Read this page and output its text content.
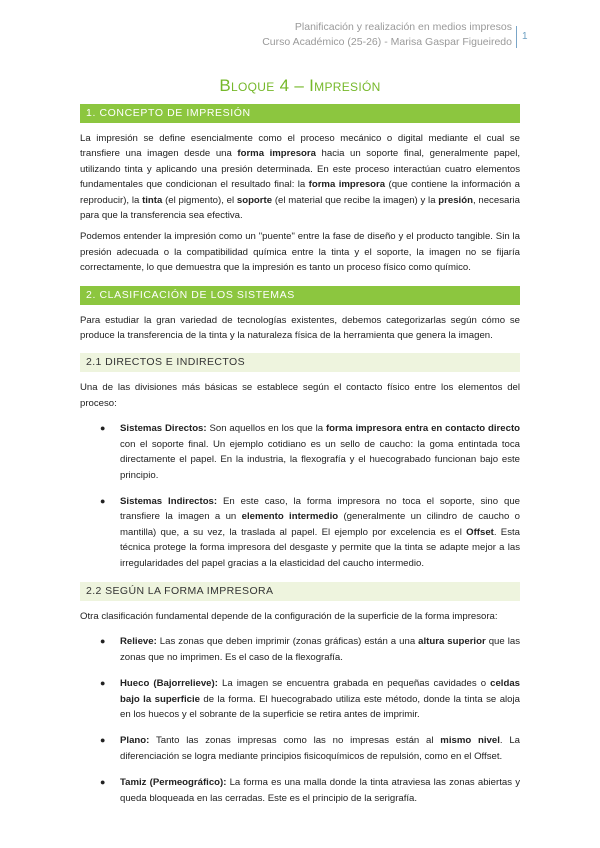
Planificación y realización en medios impresos
Curso Académico (25-26) - Marisa Gaspar Figueiredo	1
Bloque 4 – Impresión
1. CONCEPTO DE IMPRESIÓN

La impresión se define esencialmente como el proceso mecánico o digital mediante el cual se transfiere una imagen desde una forma impresora hacia un soporte final, generalmente papel, utilizando tinta y aplicando una presión determinada. En este proceso interactúan cuatro elementos fundamentales que condicionan el resultado final: la forma impresora (que contiene la información a reproducir), la tinta (el pigmento), el soporte (el material que recibe la imagen) y la presión, necesaria para que la transferencia sea efectiva.

Podemos entender la impresión como un "puente" entre la fase de diseño y el producto tangible. Sin la presión adecuada o la compatibilidad química entre la tinta y el soporte, la imagen no se fijaría correctamente, lo que demuestra que la impresión es tanto un proceso físico como químico.

2. CLASIFICACIÓN DE LOS SISTEMAS

Para estudiar la gran variedad de tecnologías existentes, debemos categorizarlas según cómo se produce la transferencia de la tinta y la naturaleza física de la herramienta que genera la imagen.

2.1 DIRECTOS E INDIRECTOS

Una de las divisiones más básicas se establece según el contacto físico entre los elementos del proceso:

● Sistemas Directos: Son aquellos en los que la forma impresora entra en contacto directo con el soporte final. Un ejemplo cotidiano es un sello de caucho: la goma entintada toca directamente el papel. En la industria, la flexografía y el huecograbado funcionan bajo este principio.
● Sistemas Indirectos: En este caso, la forma impresora no toca el soporte, sino que transfiere la imagen a un elemento intermedio (generalmente un cilindro de caucho o mantilla) que, a su vez, la traslada al papel. El ejemplo por excelencia es el Offset. Esta técnica protege la forma impresora del desgaste y permite que la tinta se adapte mejor a las irregularidades del papel gracias a la elasticidad del caucho intermedio.
2.2 SEGÚN LA FORMA IMPRESORA

Otra clasificación fundamental depende de la configuración de la superficie de la forma impresora:

● Relieve: Las zonas que deben imprimir (zonas gráficas) están a una altura superior que las zonas que no imprimen. Es el caso de la flexografía.
● Hueco (Bajorrelieve): La imagen se encuentra grabada en pequeñas cavidades o celdas bajo la superficie de la forma. El huecograbado utiliza este método, donde la tinta se aloja en los huecos y el sobrante de la superficie se retira antes de imprimir.
● Plano: Tanto las zonas impresas como las no impresas están al mismo nivel. La diferenciación se logra mediante principios fisicoquímicos de repulsión, como en el Offset.
● Tamiz (Permeográfico): La forma es una malla donde la tinta atraviesa las zonas abiertas y queda bloqueada en las cerradas. Este es el principio de la serigrafía.
